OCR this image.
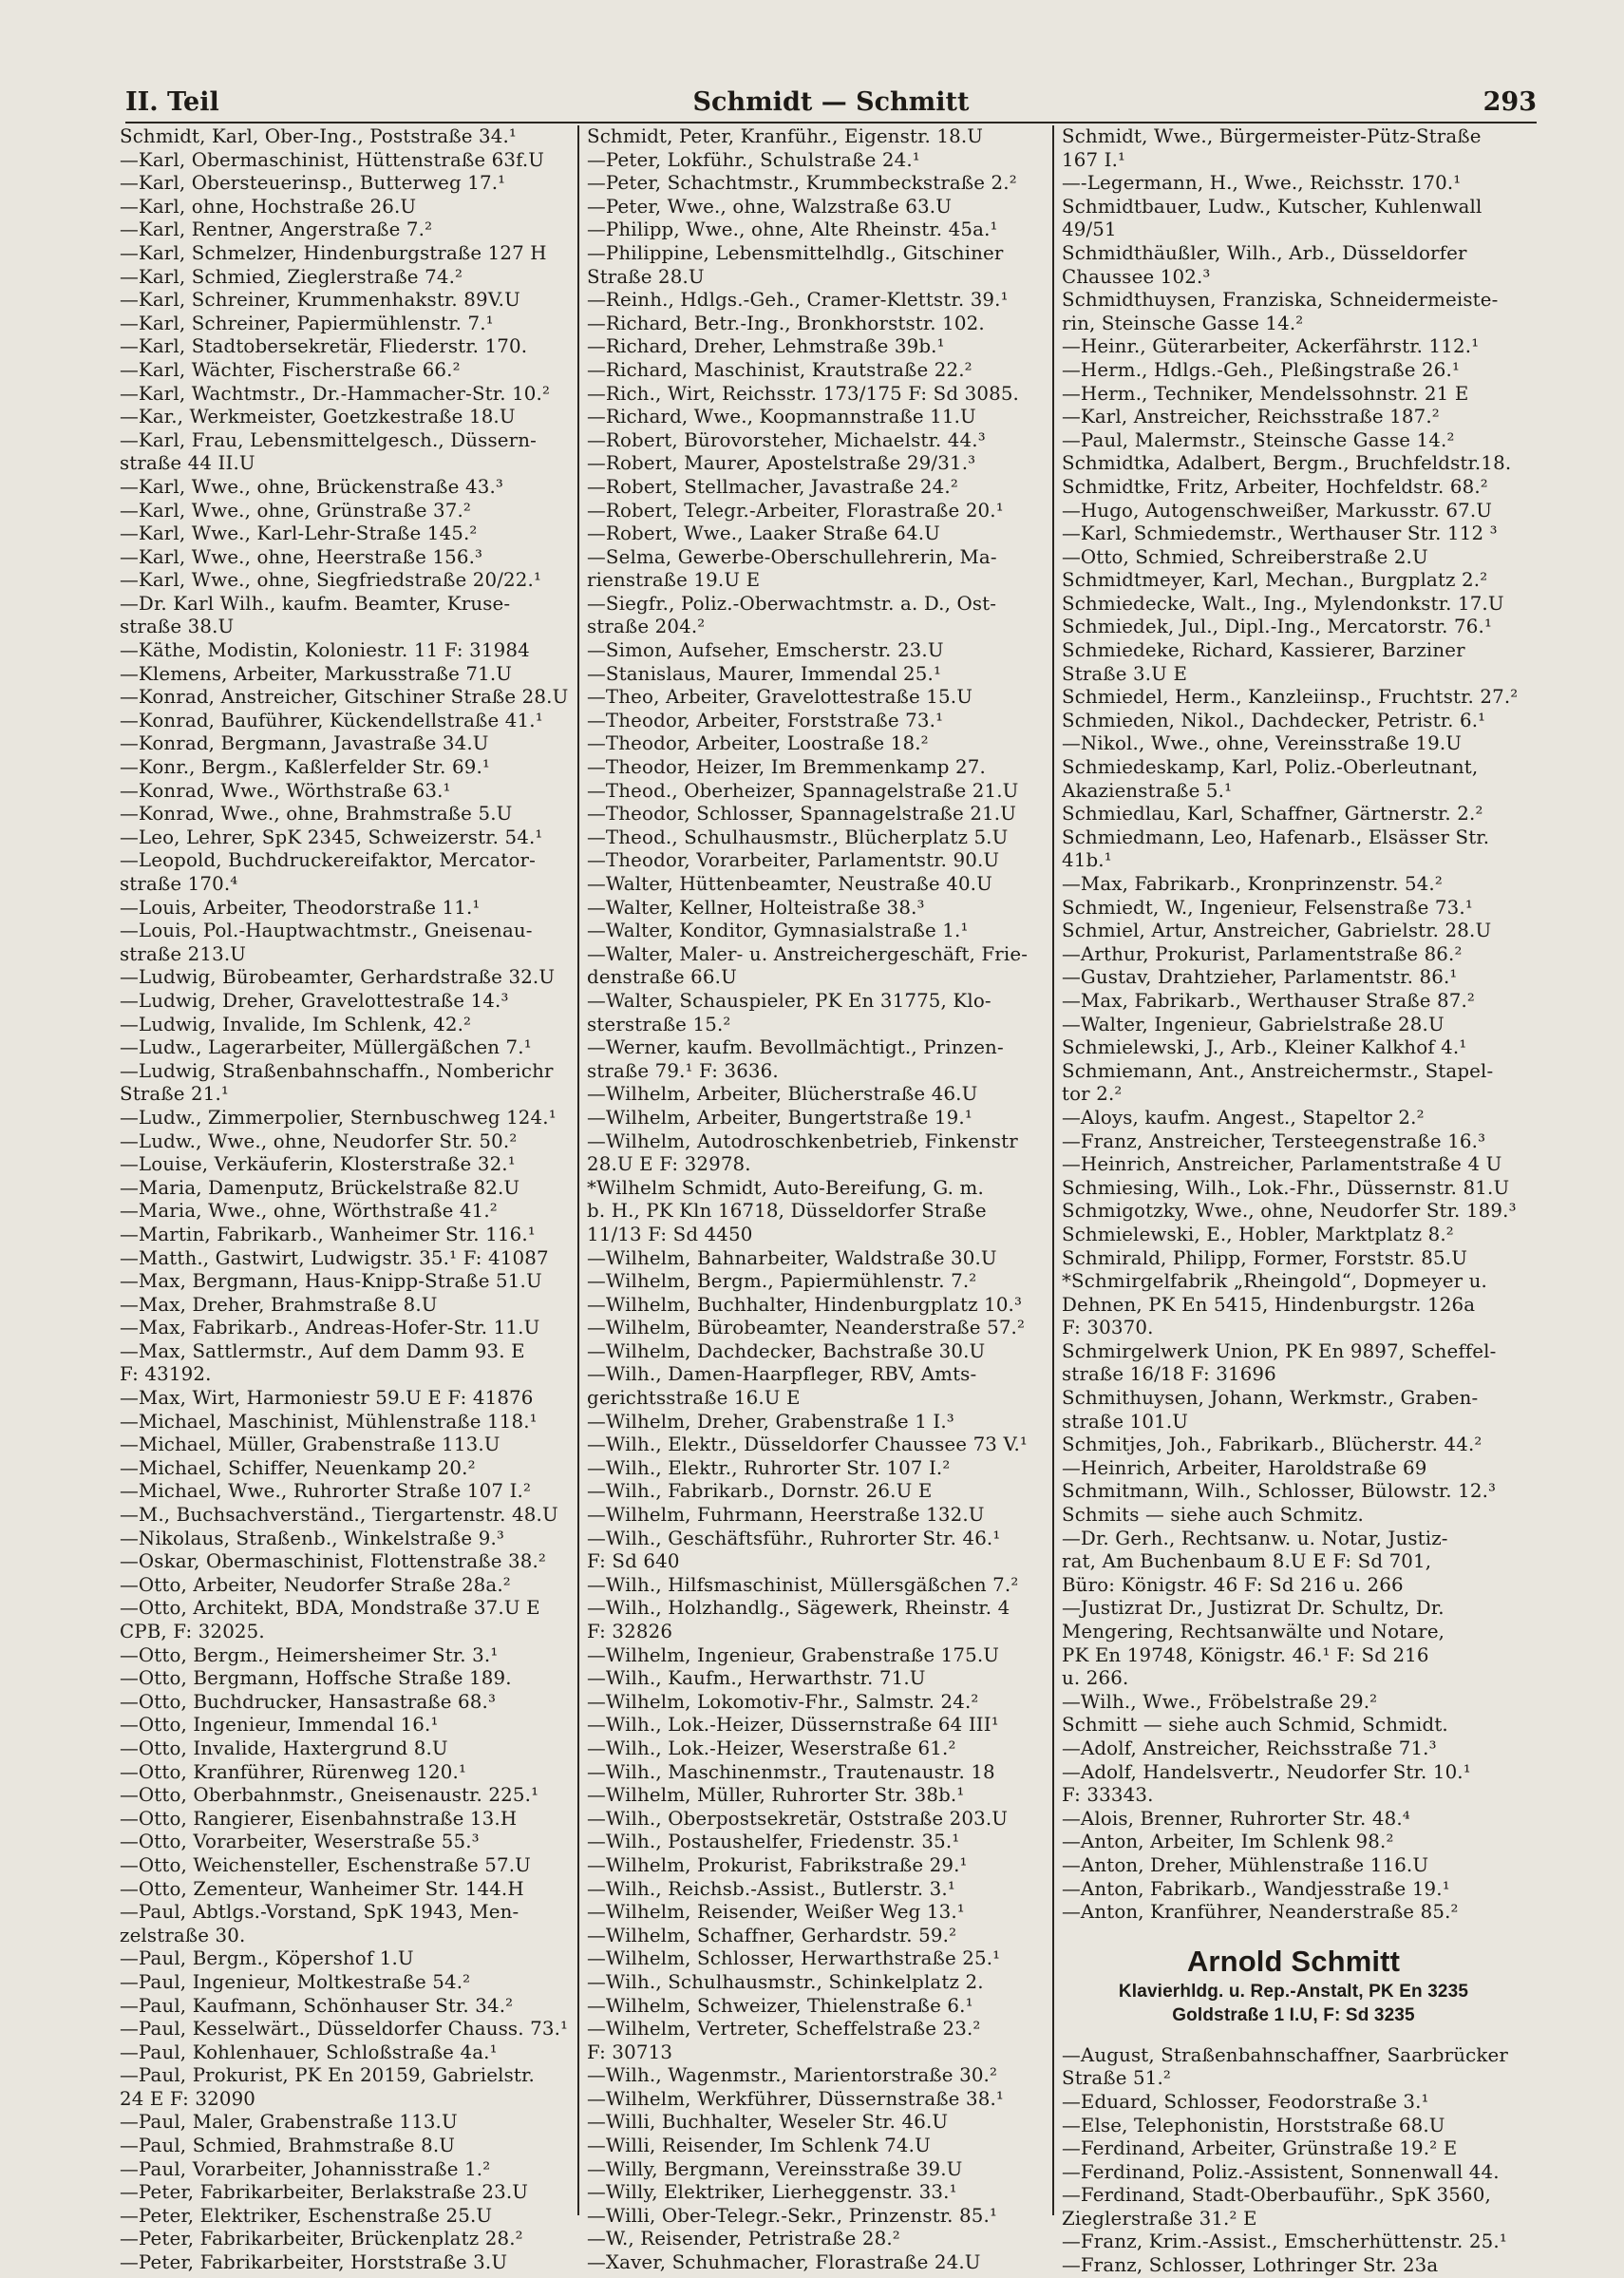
II. Teil	Schmidt — Schmitt	293
Schmidt, Karl, Ober-Ing., Poststraße 34.¹
—Karl, Obermaschinist, Hüttenstraße 63f.U
—Karl, Obersteuerinsp., Butterweg 17.¹
—Karl, ohne, Hochstraße 26.U
—Karl, Rentner, Angerstraße 7.²
—Karl, Schmelzer, Hindenburgstraße 127 H
—Karl, Schmied, Zieglerstraße 74.²
—Karl, Schreiner, Krummenhakstr. 89V.U
—Karl, Schreiner, Papiermühlenstr. 7.¹
—Karl, Stadtobersekretär, Fliederstr. 170.
—Karl, Wächter, Fischerstraße 66.²
—Karl, Wachtmstr., Dr.-Hammacher-Str. 10.²
—Kar., Werkmeister, Goetzkestraße 18.U
—Karl, Frau, Lebensmittelgesch., Düssern-
straße 44 II.U
—Karl, Wwe., ohne, Brückenstraße 43.³
—Karl, Wwe., ohne, Grünstraße 37.²
—Karl, Wwe., Karl-Lehr-Straße 145.²
—Karl, Wwe., ohne, Heerstraße 156.³
—Karl, Wwe., ohne, Siegfriedstraße 20/22.¹
—Dr. Karl Wilh., kaufm. Beamter, Kruse-
straße 38.U
—Käthe, Modistin, Koloniestr. 11 F: 31984
—Klemens, Arbeiter, Markusstraße 71.U
—Konrad, Anstreicher, Gitschiner Straße 28.U
—Konrad, Bauführer, Kückendellstraße 41.¹
—Konrad, Bergmann, Javastraße 34.U
—Konr., Bergm., Kaßlerfelder Str. 69.¹
—Konrad, Wwe., Wörthstraße 63.¹
—Konrad, Wwe., ohne, Brahmstraße 5.U
—Leo, Lehrer, SpK 2345, Schweizerstr. 54.¹
—Leopold, Buchdruckereifaktor, Mercator-
straße 170.⁴
—Louis, Arbeiter, Theodorstraße 11.¹
—Louis, Pol.-Hauptwachtmstr., Gneisenau-
straße 213.U
—Ludwig, Bürobeamter, Gerhardstraße 32.U
—Ludwig, Dreher, Gravelottestraße 14.³
—Ludwig, Invalide, Im Schlenk, 42.²
—Ludw., Lagerarbeiter, Müllergäßchen 7.¹
—Ludwig, Straßenbahnschaffn., Nomberichr
Straße 21.¹
—Ludw., Zimmerpolier, Sternbuschweg 124.¹
—Ludw., Wwe., ohne, Neudorfer Str. 50.²
—Louise, Verkäuferin, Klosterstraße 32.¹
—Maria, Damenputz, Brückelstraße 82.U
—Maria, Wwe., ohne, Wörthstraße 41.²
—Martin, Fabrikarb., Wanheimer Str. 116.¹
—Matth., Gastwirt, Ludwigstr. 35.¹ F: 41087
—Max, Bergmann, Haus-Knipp-Straße 51.U
—Max, Dreher, Brahmstraße 8.U
—Max, Fabrikarb., Andreas-Hofer-Str. 11.U
—Max, Sattlermstr., Auf dem Damm 93. E
F: 43192.
—Max, Wirt, Harmoniestr 59.U E F: 41876
—Michael, Maschinist, Mühlenstraße 118.¹
—Michael, Müller, Grabenstraße 113.U
—Michael, Schiffer, Neuenkamp 20.²
—Michael, Wwe., Ruhrorter Straße 107 I.²
—M., Buchsachverständ., Tiergartenstr. 48.U
—Nikolaus, Straßenb., Winkelstraße 9.³
—Oskar, Obermaschinist, Flottenstraße 38.²
—Otto, Arbeiter, Neudorfer Straße 28a.²
—Otto, Architekt, BDA, Mondstraße 37.U E
CPB, F: 32025.
—Otto, Bergm., Heimersheimer Str. 3.¹
—Otto, Bergmann, Hoffsche Straße 189.
—Otto, Buchdrucker, Hansastraße 68.³
—Otto, Ingenieur, Immendal 16.¹
—Otto, Invalide, Haxtergrund 8.U
—Otto, Kranführer, Rürenweg 120.¹
—Otto, Oberbahnmstr., Gneisenaustr. 225.¹
—Otto, Rangierer, Eisenbahnstraße 13.H
—Otto, Vorarbeiter, Weserstraße 55.³
—Otto, Weichensteller, Eschenstraße 57.U
—Otto, Zementeur, Wanheimer Str. 144.H
—Paul, Abtlgs.-Vorstand, SpK 1943, Men-
zelstraße 30.
—Paul, Bergm., Köpershof 1.U
—Paul, Ingenieur, Moltkestraße 54.²
—Paul, Kaufmann, Schönhauser Str. 34.²
—Paul, Kesselwärt., Düsseldorfer Chauss. 73.¹
—Paul, Kohlenhauer, Schloßstraße 4a.¹
—Paul, Prokurist, PK En 20159, Gabrielstr.
24 E F: 32090
—Paul, Maler, Grabenstraße 113.U
—Paul, Schmied, Brahmstraße 8.U
—Paul, Vorarbeiter, Johannisstraße 1.²
—Peter, Fabrikarbeiter, Berlakstraße 23.U
—Peter, Elektriker, Eschenstraße 25.U
—Peter, Fabrikarbeiter, Brückenplatz 28.²
—Peter, Fabrikarbeiter, Horststraße 3.U
Schmidt, Peter, Kranführ., Eigenstr. 18.U
—Peter, Lokführ., Schulstraße 24.¹
—Peter, Schachtmstr., Krummbeckstraße 2.²
—Peter, Wwe., ohne, Walzstraße 63.U
—Philipp, Wwe., ohne, Alte Rheinstr. 45a.¹
—Philippine, Lebensmittelhdlg., Gitschiner
Straße 28.U
—Reinh., Hdlgs.-Geh., Cramer-Klettstr. 39.¹
—Richard, Betr.-Ing., Bronkhorststr. 102.
—Richard, Dreher, Lehmstraße 39b.¹
—Richard, Maschinist, Krautstraße 22.²
—Rich., Wirt, Reichsstr. 173/175 F: Sd 3085.
—Richard, Wwe., Koopmannstraße 11.U
—Robert, Bürovorsteher, Michaelstr. 44.³
—Robert, Maurer, Apostelstraße 29/31.³
—Robert, Stellmacher, Javastraße 24.²
—Robert, Telegr.-Arbeiter, Florastraße 20.¹
—Robert, Wwe., Laaker Straße 64.U
—Selma, Gewerbe-Oberschullehrerin, Ma-
rienstraße 19.U E
—Siegfr., Poliz.-Oberwachtmstr. a. D., Ost-
straße 204.²
—Simon, Aufseher, Emscherstr. 23.U
—Stanislaus, Maurer, Immendal 25.¹
—Theo, Arbeiter, Gravelottestraße 15.U
—Theodor, Arbeiter, Forststraße 73.¹
—Theodor, Arbeiter, Loostraße 18.²
—Theodor, Heizer, Im Bremmenkamp 27.
—Theod., Oberheizer, Spannagelstraße 21.U
—Theodor, Schlosser, Spannagelstraße 21.U
—Theod., Schulhausmstr., Blücherplatz 5.U
—Theodor, Vorarbeiter, Parlamentstr. 90.U
—Walter, Hüttenbeamter, Neustraße 40.U
—Walter, Kellner, Holteistraße 38.³
—Walter, Konditor, Gymnasialstraße 1.¹
—Walter, Maler- u. Anstreichergeschäft, Frie-
denstraße 66.U
—Walter, Schauspieler, PK En 31775, Klo-
sterstraße 15.²
—Werner, kaufm. Bevollmächtigt., Prinzen-
straße 79.¹ F: 3636.
—Wilhelm, Arbeiter, Blücherstraße 46.U
—Wilhelm, Arbeiter, Bungertstraße 19.¹
—Wilhelm, Autodroschkenbetrieb, Finkenstr
28.U E F: 32978.
*Wilhelm Schmidt, Auto-Bereifung, G. m.
b. H., PK Kln 16718, Düsseldorfer Straße
11/13 F: Sd 4450
—Wilhelm, Bahnarbeiter, Waldstraße 30.U
—Wilhelm, Bergm., Papiermühlenstr. 7.²
—Wilhelm, Buchhalter, Hindenburgplatz 10.³
—Wilhelm, Bürobeamter, Neanderstraße 57.²
—Wilhelm, Dachdecker, Bachstraße 30.U
—Wilh., Damen-Haarpfleger, RBV, Amts-
gerichtsstraße 16.U E
—Wilhelm, Dreher, Grabenstraße 1 I.³
—Wilh., Elektr., Düsseldorfer Chaussee 73 V.¹
—Wilh., Elektr., Ruhrorter Str. 107 I.²
—Wilh., Fabrikarb., Dornstr. 26.U E
—Wilhelm, Fuhrmann, Heerstraße 132.U
—Wilh., Geschäftsführ., Ruhrorter Str. 46.¹
F: Sd 640
—Wilh., Hilfsmaschinist, Müllersgäßchen 7.²
—Wilh., Holzhandlg., Sägewerk, Rheinstr. 4
F: 32826
—Wilhelm, Ingenieur, Grabenstraße 175.U
—Wilh., Kaufm., Herwarthstr. 71.U
—Wilhelm, Lokomotiv-Fhr., Salmstr. 24.²
—Wilh., Lok.-Heizer, Düssernstraße 64 III¹
—Wilh., Lok.-Heizer, Weserstraße 61.²
—Wilh., Maschinenmstr., Trautenaustr. 18
—Wilhelm, Müller, Ruhrorter Str. 38b.¹
—Wilh., Oberpostsekretär, Oststraße 203.U
—Wilh., Postaushelfer, Friedenstr. 35.¹
—Wilhelm, Prokurist, Fabrikstraße 29.¹
—Wilh., Reichsb.-Assist., Butlerstr. 3.¹
—Wilhelm, Reisender, Weißer Weg 13.¹
—Wilhelm, Schaffner, Gerhardstr. 59.²
—Wilhelm, Schlosser, Herwarthstraße 25.¹
—Wilh., Schulhausmstr., Schinkelplatz 2.
—Wilhelm, Schweizer, Thielenstraße 6.¹
—Wilhelm, Vertreter, Scheffelstraße 23.²
F: 30713
—Wilh., Wagenmstr., Marientorstraße 30.²
—Wilhelm, Werkführer, Düssernstraße 38.¹
—Willi, Buchhalter, Weseler Str. 46.U
—Willi, Reisender, Im Schlenk 74.U
—Willy, Bergmann, Vereinsstraße 39.U
—Willy, Elektriker, Lierheggenstr. 33.¹
—Willi, Ober-Telegr.-Sekr., Prinzenstr. 85.¹
—W., Reisender, Petristraße 28.²
—Xaver, Schuhmacher, Florastraße 24.U
Schmidt, Wwe., Bürgermeister-Pütz-Straße
167 I.¹
—-Legermann, H., Wwe., Reichsstr. 170.¹
Schmidtbauer, Ludw., Kutscher, Kuhlenwall
49/51
Schmidthäußler, Wilh., Arb., Düsseldorfer
Chaussee 102.³
Schmidthuysen, Franziska, Schneidermeiste-
rin, Steinsche Gasse 14.²
—Heinr., Güterarbeiter, Ackerfährstr. 112.¹
—Herm., Hdlgs.-Geh., Pleßingstraße 26.¹
—Herm., Techniker, Mendelssohnstr. 21 E
—Karl, Anstreicher, Reichsstraße 187.²
—Paul, Malermstr., Steinsche Gasse 14.²
Schmidtka, Adalbert, Bergm., Bruchfeldstr.18.
Schmidtke, Fritz, Arbeiter, Hochfeldstr. 68.²
—Hugo, Autogenschweißer, Markusstr. 67.U
—Karl, Schmiedemstr., Werthauser Str. 112 ³
—Otto, Schmied, Schreiberstraße 2.U
Schmidtmeyer, Karl, Mechan., Burgplatz 2.²
Schmiedecke, Walt., Ing., Mylendonkstr. 17.U
Schmiedek, Jul., Dipl.-Ing., Mercatorstr. 76.¹
Schmiedeke, Richard, Kassierer, Barziner
Straße 3.U E
Schmiedel, Herm., Kanzleiinsp., Fruchtstr. 27.²
Schmieden, Nikol., Dachdecker, Petristr. 6.¹
—Nikol., Wwe., ohne, Vereinsstraße 19.U
Schmiedeskamp, Karl, Poliz.-Oberleutnant,
Akazienstraße 5.¹
Schmiedlau, Karl, Schaffner, Gärtnerstr. 2.²
Schmiedmann, Leo, Hafenarb., Elsässer Str.
41b.¹
—Max, Fabrikarb., Kronprinzenstr. 54.²
Schmiedt, W., Ingenieur, Felsenstraße 73.¹
Schmiel, Artur, Anstreicher, Gabrielstr. 28.U
—Arthur, Prokurist, Parlamentstraße 86.²
—Gustav, Drahtzieher, Parlamentstr. 86.¹
—Max, Fabrikarb., Werthauser Straße 87.²
—Walter, Ingenieur, Gabrielstraße 28.U
Schmielewski, J., Arb., Kleiner Kalkhof 4.¹
Schmiemann, Ant., Anstreichermstr., Stapel-
tor 2.²
—Aloys, kaufm. Angest., Stapeltor 2.²
—Franz, Anstreicher, Tersteegenstraße 16.³
—Heinrich, Anstreicher, Parlamentstraße 4 U
Schmiesing, Wilh., Lok.-Fhr., Düssernstr. 81.U
Schmigotzky, Wwe., ohne, Neudorfer Str. 189.³
Schmielewski, E., Hobler, Marktplatz 8.²
Schmirald, Philipp, Former, Forststr. 85.U
*Schmirgelfabrik „Rheingold“, Dopmeyer u.
Dehnen, PK En 5415, Hindenburgstr. 126a
F: 30370.
Schmirgelwerk Union, PK En 9897, Scheffel-
straße 16/18 F: 31696
Schmithuysen, Johann, Werkmstr., Graben-
straße 101.U
Schmitjes, Joh., Fabrikarb., Blücherstr. 44.²
—Heinrich, Arbeiter, Haroldstraße 69
Schmitmann, Wilh., Schlosser, Bülowstr. 12.³
Schmits — siehe auch Schmitz.
—Dr. Gerh., Rechtsanw. u. Notar, Justiz-
rat, Am Buchenbaum 8.U E F: Sd 701,
Büro: Königstr. 46 F: Sd 216 u. 266
—Justizrat Dr., Justizrat Dr. Schultz, Dr.
Mengering, Rechtsanwälte und Notare,
PK En 19748, Königstr. 46.¹ F: Sd 216
u. 266.
—Wilh., Wwe., Fröbelstraße 29.²
Schmitt — siehe auch Schmid, Schmidt.
—Adolf, Anstreicher, Reichsstraße 71.³
—Adolf, Handelsvertr., Neudorfer Str. 10.¹
F: 33343.
—Alois, Brenner, Ruhrorter Str. 48.⁴
—Anton, Arbeiter, Im Schlenk 98.²
—Anton, Dreher, Mühlenstraße 116.U
—Anton, Fabrikarb., Wandjesstraße 19.¹
—Anton, Kranführer, Neanderstraße 85.²
Arnold Schmitt
Klavierhldg. u. Rep.-Anstalt, PK En 3235
Goldstraße 1 I.U, F: Sd 3235
—August, Straßenbahnschaffner, Saarbrücker
Straße 51.²
—Eduard, Schlosser, Feodorstraße 3.¹
—Else, Telephonistin, Horststraße 68.U
—Ferdinand, Arbeiter, Grünstraße 19.² E
—Ferdinand, Poliz.-Assistent, Sonnenwall 44.
—Ferdinand, Stadt-Oberbauführ., SpK 3560,
Zieglerstraße 31.² E
—Franz, Krim.-Assist., Emscherhüttenstr. 25.¹
—Franz, Schlosser, Lothringer Str. 23a
